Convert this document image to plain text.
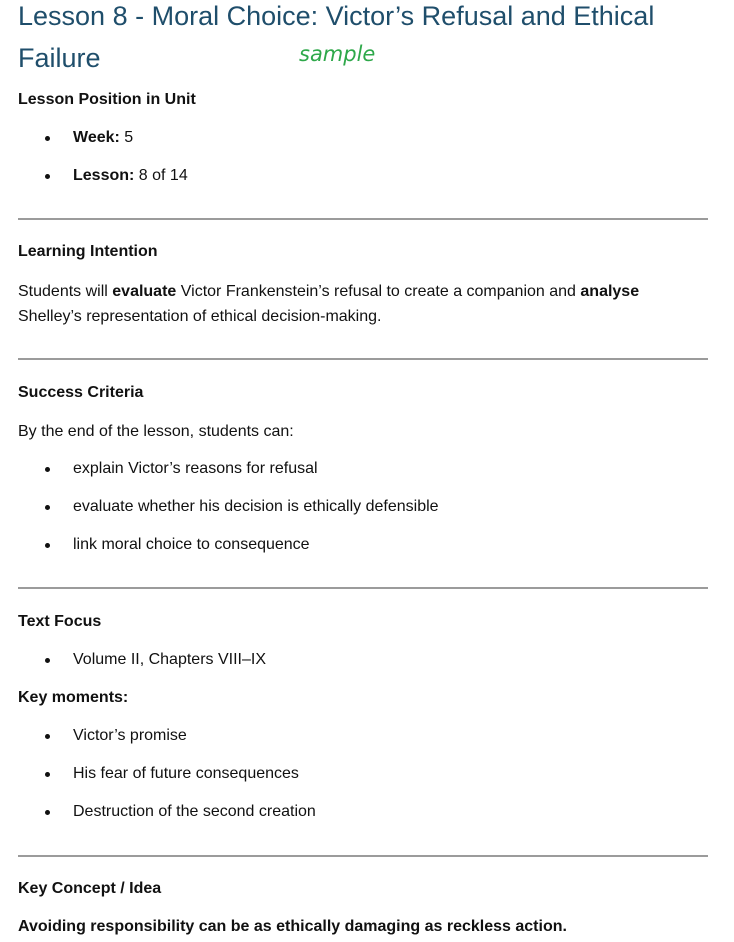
Lesson 8 - Moral Choice: Victor’s Refusal and Ethical
Failure	sample
Lesson Position in Unit
Week: 5
Lesson: 8 of 14
Learning Intention
Students will evaluate Victor Frankenstein’s refusal to create a companion and analyse
Shelley’s representation of ethical decision-making.
Success Criteria
By the end of the lesson, students can:
explain Victor’s reasons for refusal
evaluate whether his decision is ethically defensible
link moral choice to consequence
Text Focus
Volume II, Chapters VIII–IX
Key moments:
Victor’s promise
His fear of future consequences
Destruction of the second creation
Key Concept / Idea
Avoiding responsibility can be as ethically damaging as reckless action.
